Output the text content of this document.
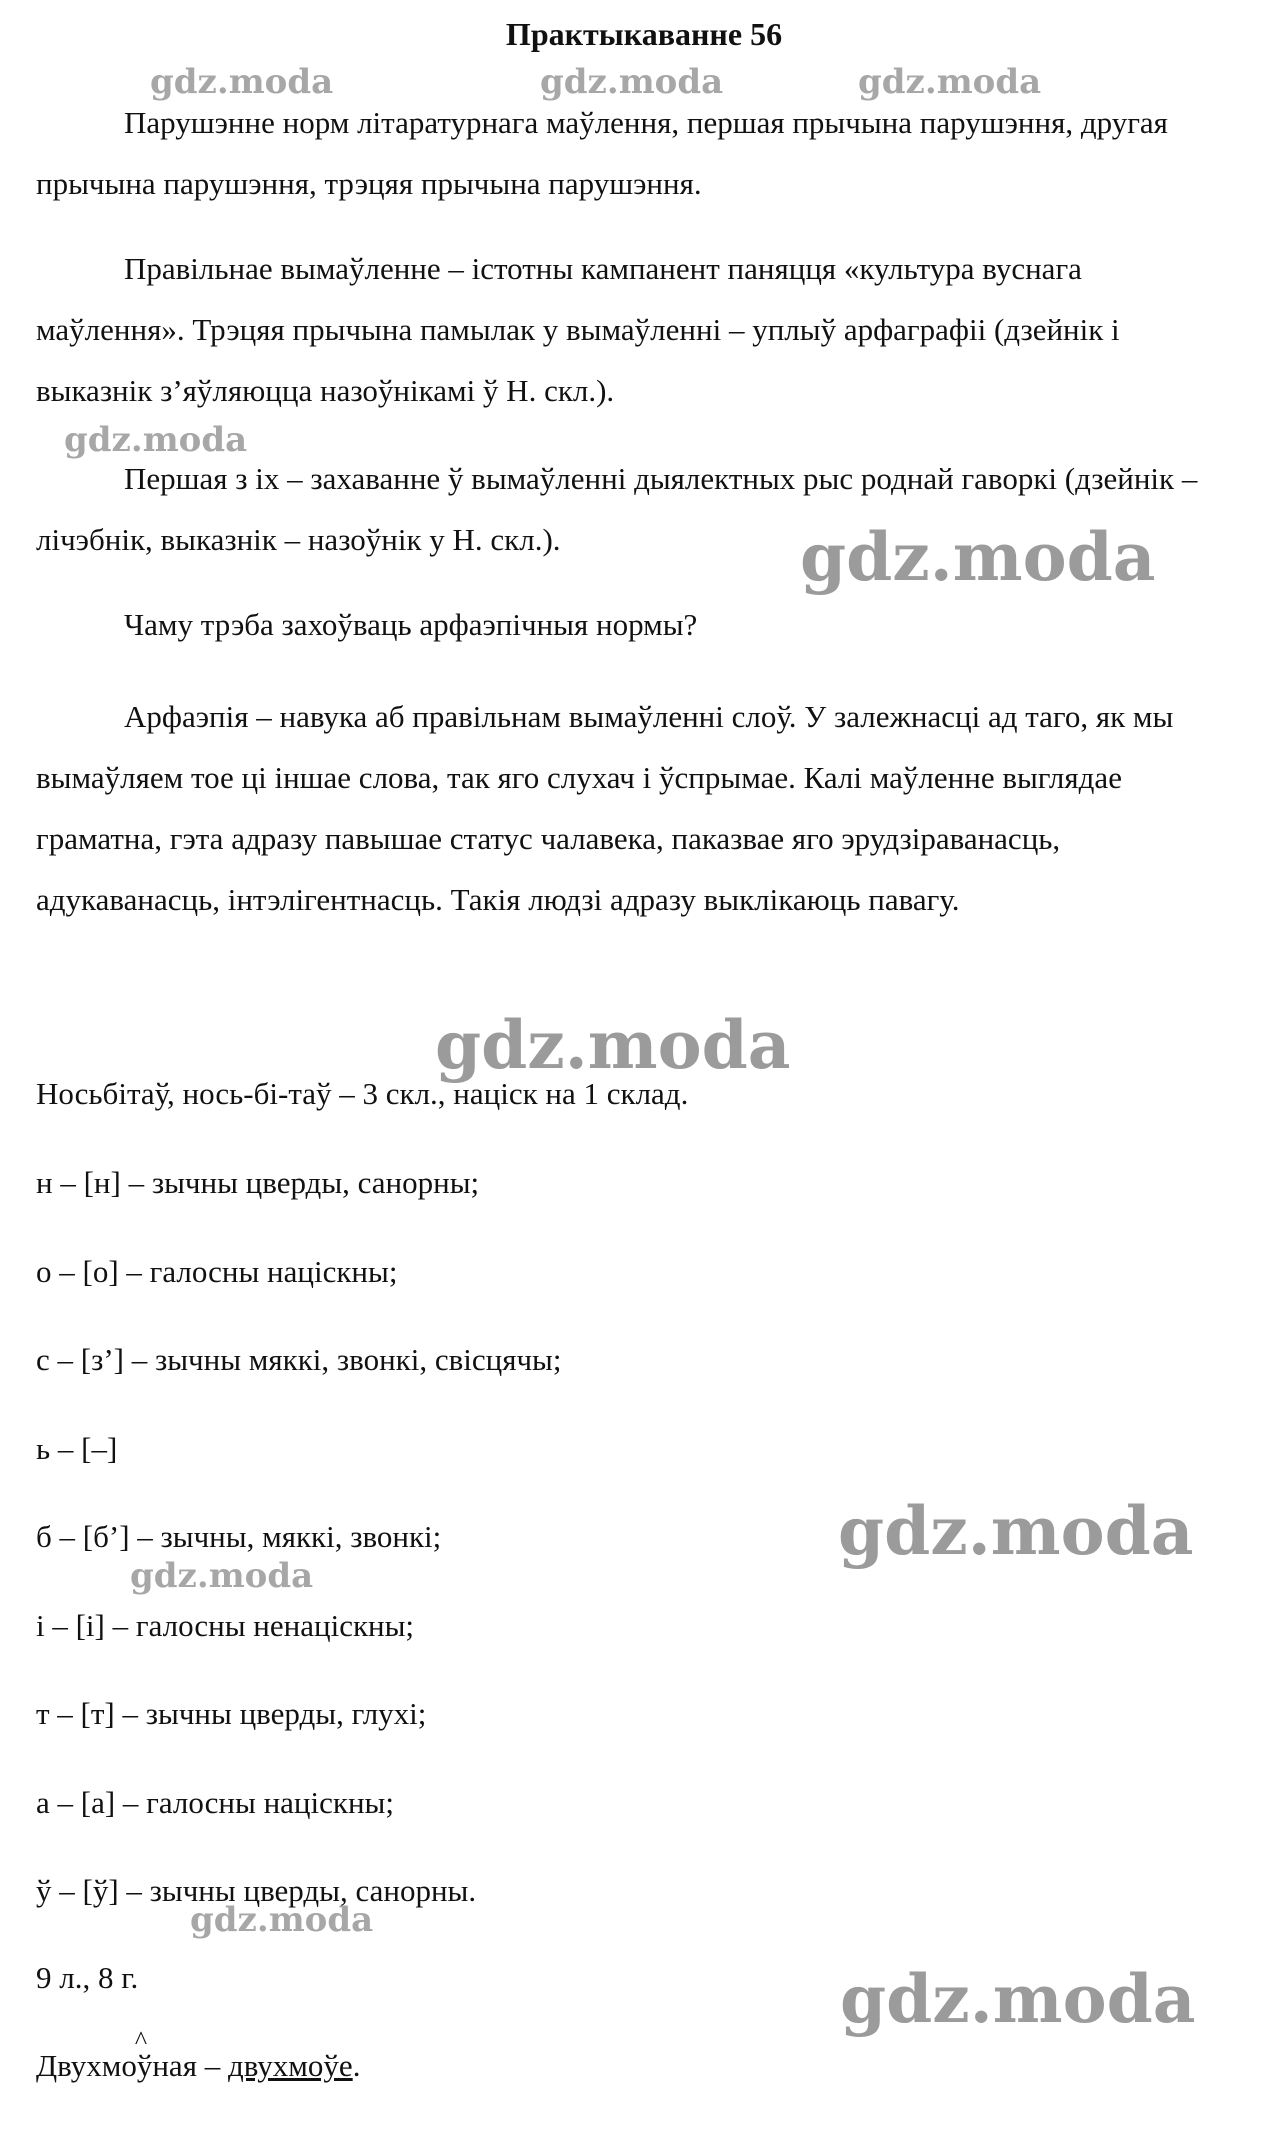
Практыкаванне 56
gdz.moda	gdz.moda	gdz.moda
gdz.moda
gdz.moda
gdz.moda
gdz.moda
gdz.moda
gdz.moda
gdz.moda

Парушэнне норм літаратурнага маўлення, першая прычына парушэння, другая прычына парушэння, трэцяя прычына парушэння.

Правільнае вымаўленне – істотны кампанент паняцця «культура вуснага маўлення». Трэцяя прычына памылак у вымаўленні – уплыў арфаграфіі (дзейнік і выказнік з’яўляюцца назоўнікамі ў Н. скл.).

Першая з іх – захаванне ў вымаўленні дыялектных рыс роднай гаворкі (дзейнік – лічэбнік, выказнік – назоўнік у Н. скл.).

Чаму трэба захоўваць арфаэпічныя нормы?

Арфаэпія – навука аб правільнам вымаўленні слоў. У залежнасці ад таго, як мы вымаўляем тое ці іншае слова, так яго слухач і ўспрымае. Калі маўленне выглядае граматна, гэта адразу павышае статус чалавека, паказвае яго эрудзіраванасць, адукаванасць, інтэлігентнасць. Такія людзі адразу выклікаюць павагу.

Носьбітаў, нось-бі-таў – 3 скл., націск на 1 склад.

н – [н] – зычны цверды, санорны;

о – [о] – галосны націскны;

с – [з’] – зычны мяккі, звонкі, свісцячы;

ь – [–]

б – [б’] – зычны, мяккі, звонкі;

і – [і] – галосны ненаціскны;

т – [т] – зычны цверды, глухі;

а – [а] – галосны націскны;

ў – [ў] – зычны цверды, санорны.

9 л., 8 г.

Двухмо
^
ўная – двухмоўе.
